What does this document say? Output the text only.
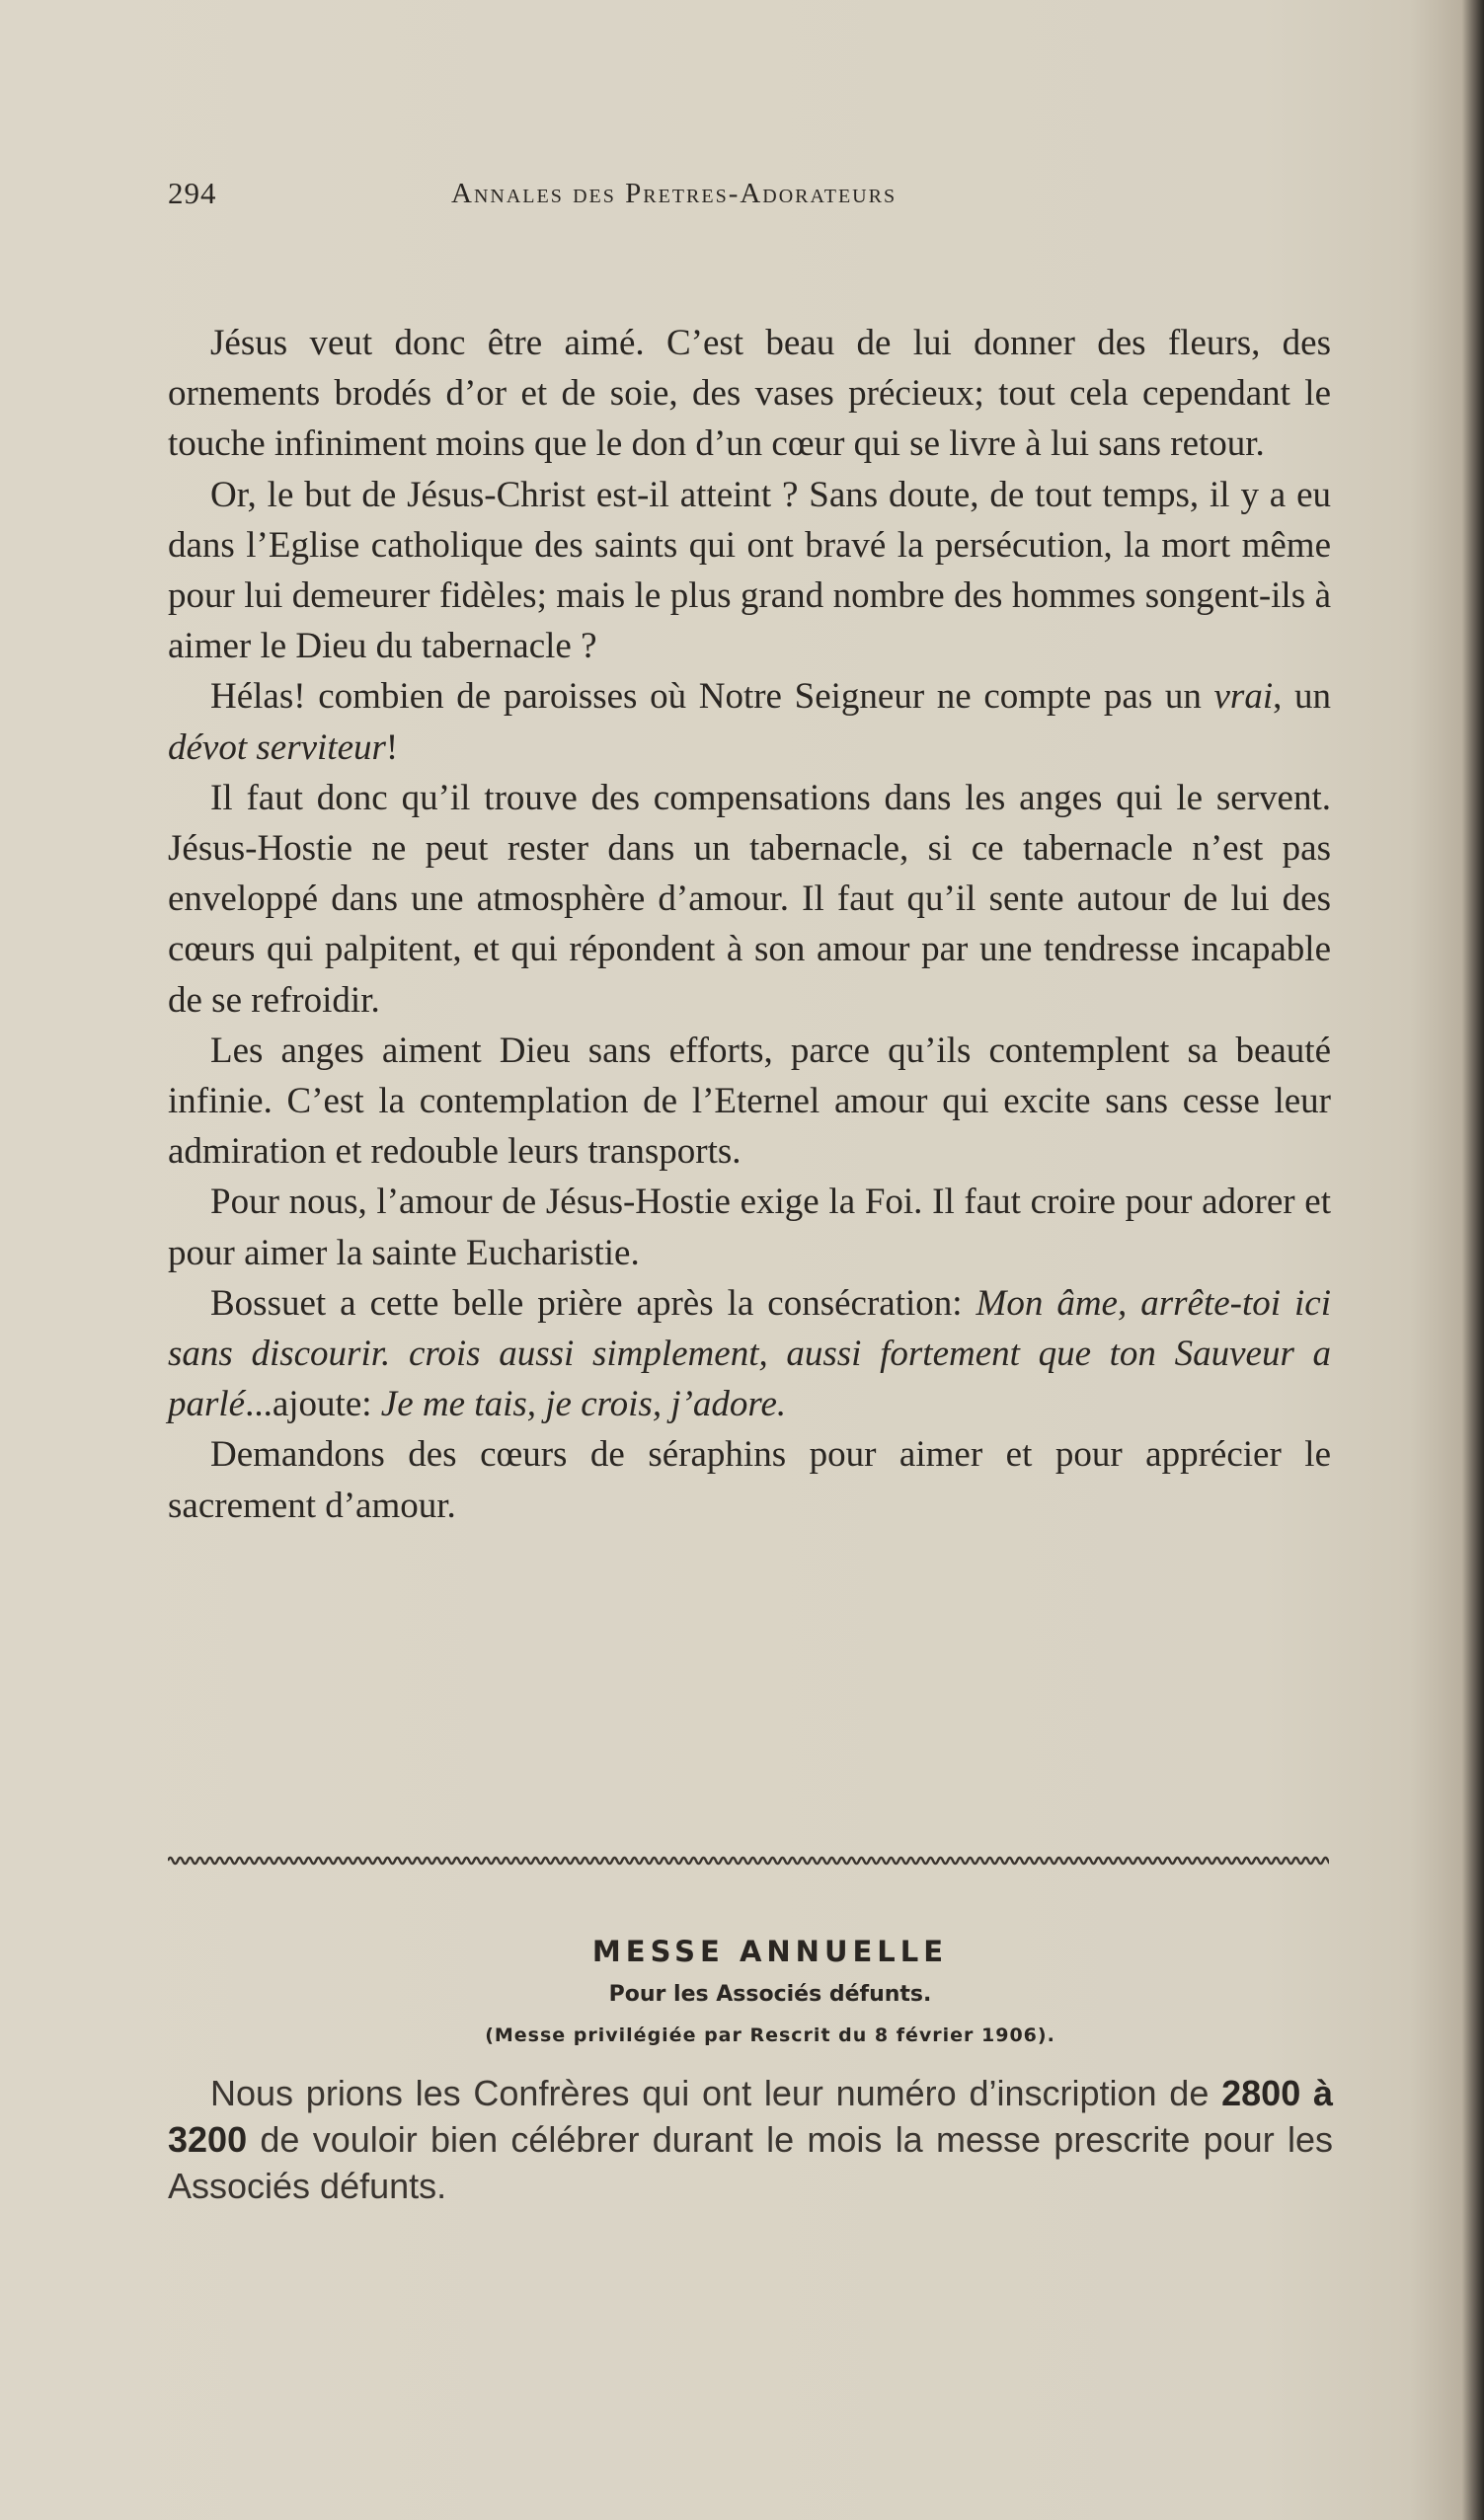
294	Annales des Pretres-Adorateurs

Jésus veut donc être aimé. C’est beau de lui donner des fleurs, des ornements brodés d’or et de soie, des vases précieux; tout cela cependant le touche infiniment moins que le don d’un cœur qui se livre à lui sans retour.

Or, le but de Jésus-Christ est-il atteint ? Sans doute, de tout temps, il y a eu dans l’Eglise catholique des saints qui ont bravé la persécution, la mort même pour lui demeurer fidèles; mais le plus grand nombre des hommes songent-ils à aimer le Dieu du tabernacle ?

Hélas! combien de paroisses où Notre Seigneur ne compte pas un vrai, un dévot serviteur!

Il faut donc qu’il trouve des compensations dans les anges qui le servent. Jésus-Hostie ne peut rester dans un tabernacle, si ce tabernacle n’est pas enveloppé dans une atmosphère d’amour. Il faut qu’il sente autour de lui des cœurs qui palpitent, et qui répondent à son amour par une tendresse incapable de se refroidir.

Les anges aiment Dieu sans efforts, parce qu’ils contemplent sa beauté infinie. C’est la contemplation de l’Eternel amour qui excite sans cesse leur admiration et redouble leurs transports.

Pour nous, l’amour de Jésus-Hostie exige la Foi. Il faut croire pour adorer et pour aimer la sainte Eucharistie.

Bossuet a cette belle prière après la consécration: Mon âme, arrête-toi ici sans discourir. crois aussi simplement, aussi fortement que ton Sauveur a parlé...ajoute: Je me tais, je crois, j’adore.

Demandons des cœurs de séraphins pour aimer et pour apprécier le sacrement d’amour.

MESSE ANNUELLE
Pour les Associés défunts.
(Messe privilégiée par Rescrit du 8 février 1906).

Nous prions les Confrères qui ont leur numéro d’inscription de 2800 à 3200 de vouloir bien célébrer durant le mois la messe prescrite pour les Associés défunts.
